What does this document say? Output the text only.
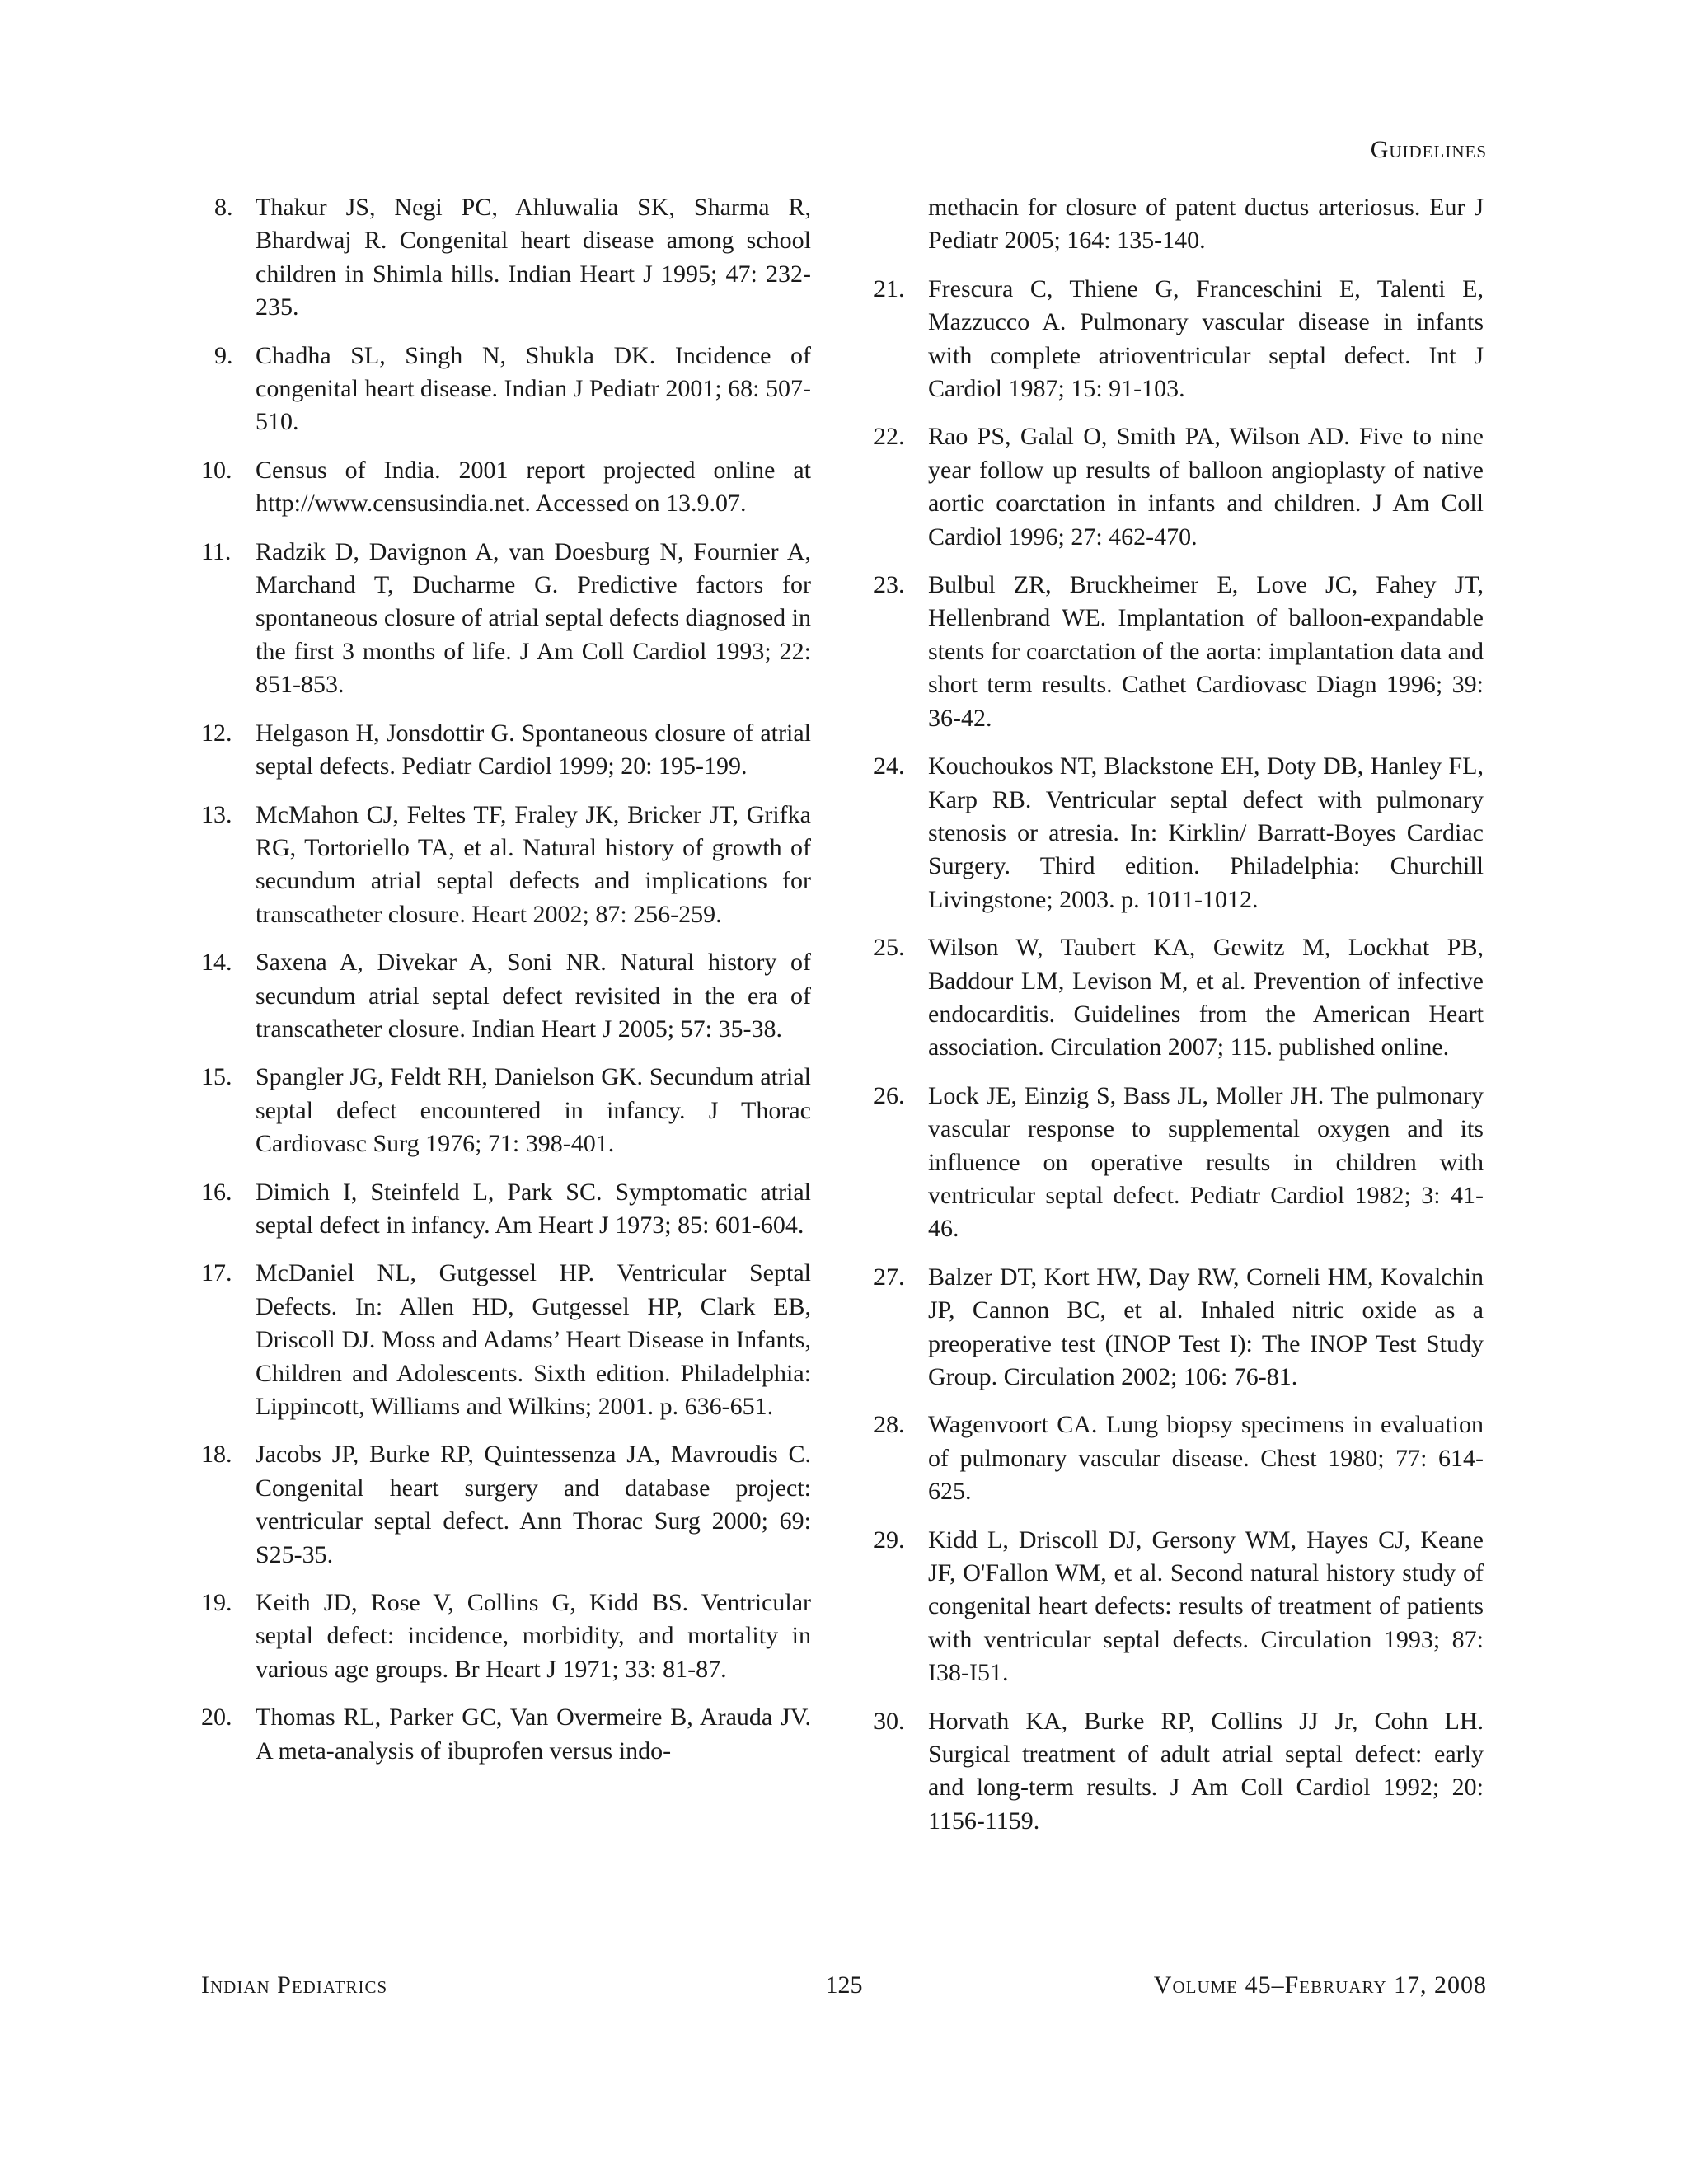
Guidelines
8. Thakur JS, Negi PC, Ahluwalia SK, Sharma R, Bhardwaj R. Congenital heart disease among school children in Shimla hills. Indian Heart J 1995; 47: 232-235.
9. Chadha SL, Singh N, Shukla DK. Incidence of congenital heart disease. Indian J Pediatr 2001; 68: 507-510.
10. Census of India. 2001 report projected online at http://www.censusindia.net. Accessed on 13.9.07.
11. Radzik D, Davignon A, van Doesburg N, Fournier A, Marchand T, Ducharme G. Predictive factors for spontaneous closure of atrial septal defects diagnosed in the first 3 months of life. J Am Coll Cardiol 1993; 22: 851-853.
12. Helgason H, Jonsdottir G. Spontaneous closure of atrial septal defects. Pediatr Cardiol 1999; 20: 195-199.
13. McMahon CJ, Feltes TF, Fraley JK, Bricker JT, Grifka RG, Tortoriello TA, et al. Natural history of growth of secundum atrial septal defects and implications for transcatheter closure. Heart 2002; 87: 256-259.
14. Saxena A, Divekar A, Soni NR. Natural history of secundum atrial septal defect revisited in the era of transcatheter closure. Indian Heart J 2005; 57: 35-38.
15. Spangler JG, Feldt RH, Danielson GK. Secundum atrial septal defect encountered in infancy. J Thorac Cardiovasc Surg 1976; 71: 398-401.
16. Dimich I, Steinfeld L, Park SC. Symptomatic atrial septal defect in infancy. Am Heart J 1973; 85: 601-604.
17. McDaniel NL, Gutgessel HP. Ventricular Septal Defects. In: Allen HD, Gutgessel HP, Clark EB, Driscoll DJ. Moss and Adams’ Heart Disease in Infants, Children and Adolescents. Sixth edition. Philadelphia: Lippincott, Williams and Wilkins; 2001. p. 636-651.
18. Jacobs JP, Burke RP, Quintessenza JA, Mavroudis C. Congenital heart surgery and database project: ventricular septal defect. Ann Thorac Surg 2000; 69: S25-35.
19. Keith JD, Rose V, Collins G, Kidd BS. Ventricular septal defect: incidence, morbidity, and mortality in various age groups. Br Heart J 1971; 33: 81-87.
20. Thomas RL, Parker GC, Van Overmeire B, Arauda JV. A meta-analysis of ibuprofen versus indo-
methacin for closure of patent ductus arteriosus. Eur J Pediatr 2005; 164: 135-140.
21. Frescura C, Thiene G, Franceschini E, Talenti E, Mazzucco A. Pulmonary vascular disease in infants with complete atrioventricular septal defect. Int J Cardiol 1987; 15: 91-103.
22. Rao PS, Galal O, Smith PA, Wilson AD. Five to nine year follow up results of balloon angioplasty of native aortic coarctation in infants and children. J Am Coll Cardiol 1996; 27: 462-470.
23. Bulbul ZR, Bruckheimer E, Love JC, Fahey JT, Hellenbrand WE. Implantation of balloon-expandable stents for coarctation of the aorta: implantation data and short term results. Cathet Cardiovasc Diagn 1996; 39: 36-42.
24. Kouchoukos NT, Blackstone EH, Doty DB, Hanley FL, Karp RB. Ventricular septal defect with pulmonary stenosis or atresia. In: Kirklin/ Barratt-Boyes Cardiac Surgery. Third edition. Philadelphia: Churchill Livingstone; 2003. p. 1011-1012.
25. Wilson W, Taubert KA, Gewitz M, Lockhat PB, Baddour LM, Levison M, et al. Prevention of infective endocarditis. Guidelines from the American Heart association. Circulation 2007; 115. published online.
26. Lock JE, Einzig S, Bass JL, Moller JH. The pulmonary vascular response to supplemental oxygen and its influence on operative results in children with ventricular septal defect. Pediatr Cardiol 1982; 3: 41-46.
27. Balzer DT, Kort HW, Day RW, Corneli HM, Kovalchin JP, Cannon BC, et al. Inhaled nitric oxide as a preoperative test (INOP Test I): The INOP Test Study Group. Circulation 2002; 106: 76-81.
28. Wagenvoort CA. Lung biopsy specimens in evaluation of pulmonary vascular disease. Chest 1980; 77: 614-625.
29. Kidd L, Driscoll DJ, Gersony WM, Hayes CJ, Keane JF, O'Fallon WM, et al. Second natural history study of congenital heart defects: results of treatment of patients with ventricular septal defects. Circulation 1993; 87: I38-I51.
30. Horvath KA, Burke RP, Collins JJ Jr, Cohn LH. Surgical treatment of adult atrial septal defect: early and long-term results. J Am Coll Cardiol 1992; 20: 1156-1159.
Indian Pediatrics	125	Volume 45–February 17, 2008
